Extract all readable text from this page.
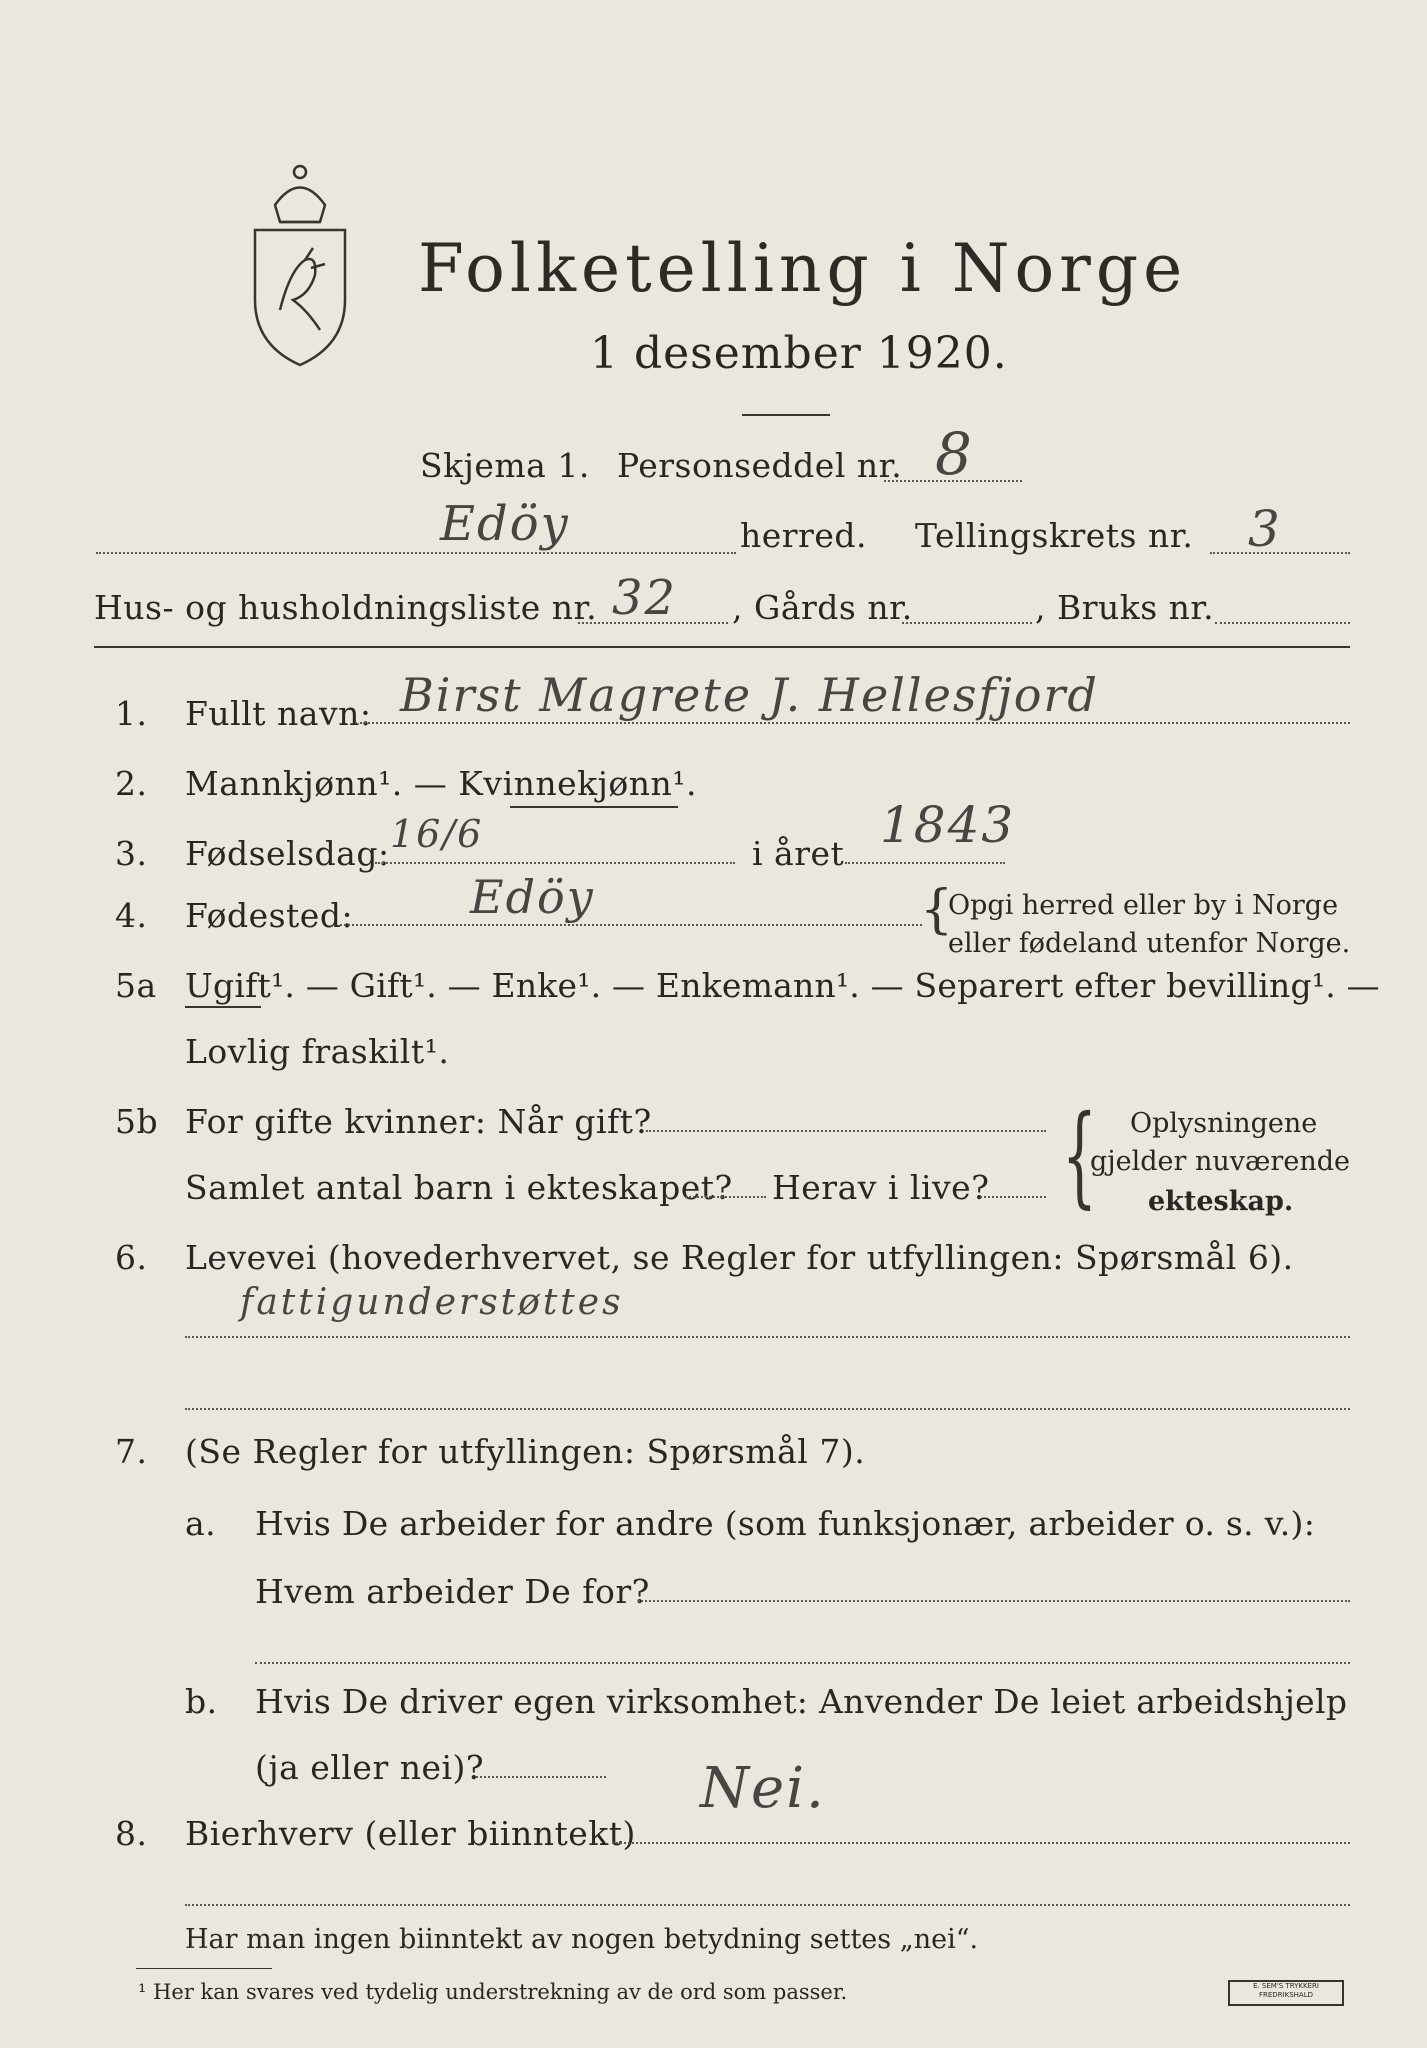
Folketelling i Norge
1 desember 1920.
Skjema 1. Personseddel nr. 8
Edöy	herred. Tellingskrets nr. 3
Hus- og husholdningsliste nr. 32 , Gårds nr.	, Bruks nr.
1. Fullt navn: Birst Magrete J. Hellesfjord
2. Mannkjønn¹. — Kvinnekjønn¹.
3. Fødselsdag: 16/6	i året 1843
4. Fødested:	Edöy	{
Opgi herred eller by i Norge
eller fødeland utenfor Norge.
5a Ugift¹. — Gift¹. — Enke¹. — Enkemann¹. — Separert efter bevilling¹. —
Lovlig fraskilt¹.
5b For gifte kvinner: Når gift?
Samlet antal barn i ekteskapet? Herav i live? { Oplysningene
gjelder nuværende
ekteskap.
6. Levevei (hovederhvervet, se Regler for utfyllingen: Spørsmål 6).
fattigunderstøttes
7. (Se Regler for utfyllingen: Spørsmål 7).
a. Hvis De arbeider for andre (som funksjonær, arbeider o. s. v.):
Hvem arbeider De for?
b. Hvis De driver egen virksomhet: Anvender De leiet arbeidshjelp
(ja eller nei)?	Nei.
8. Bierhverv (eller biinntekt)
Har man ingen biinntekt av nogen betydning settes „nei“.
¹ Her kan svares ved tydelig understrekning av de ord som passer.	E. SEM'S TRYKKERI FREDRIKSHALD
